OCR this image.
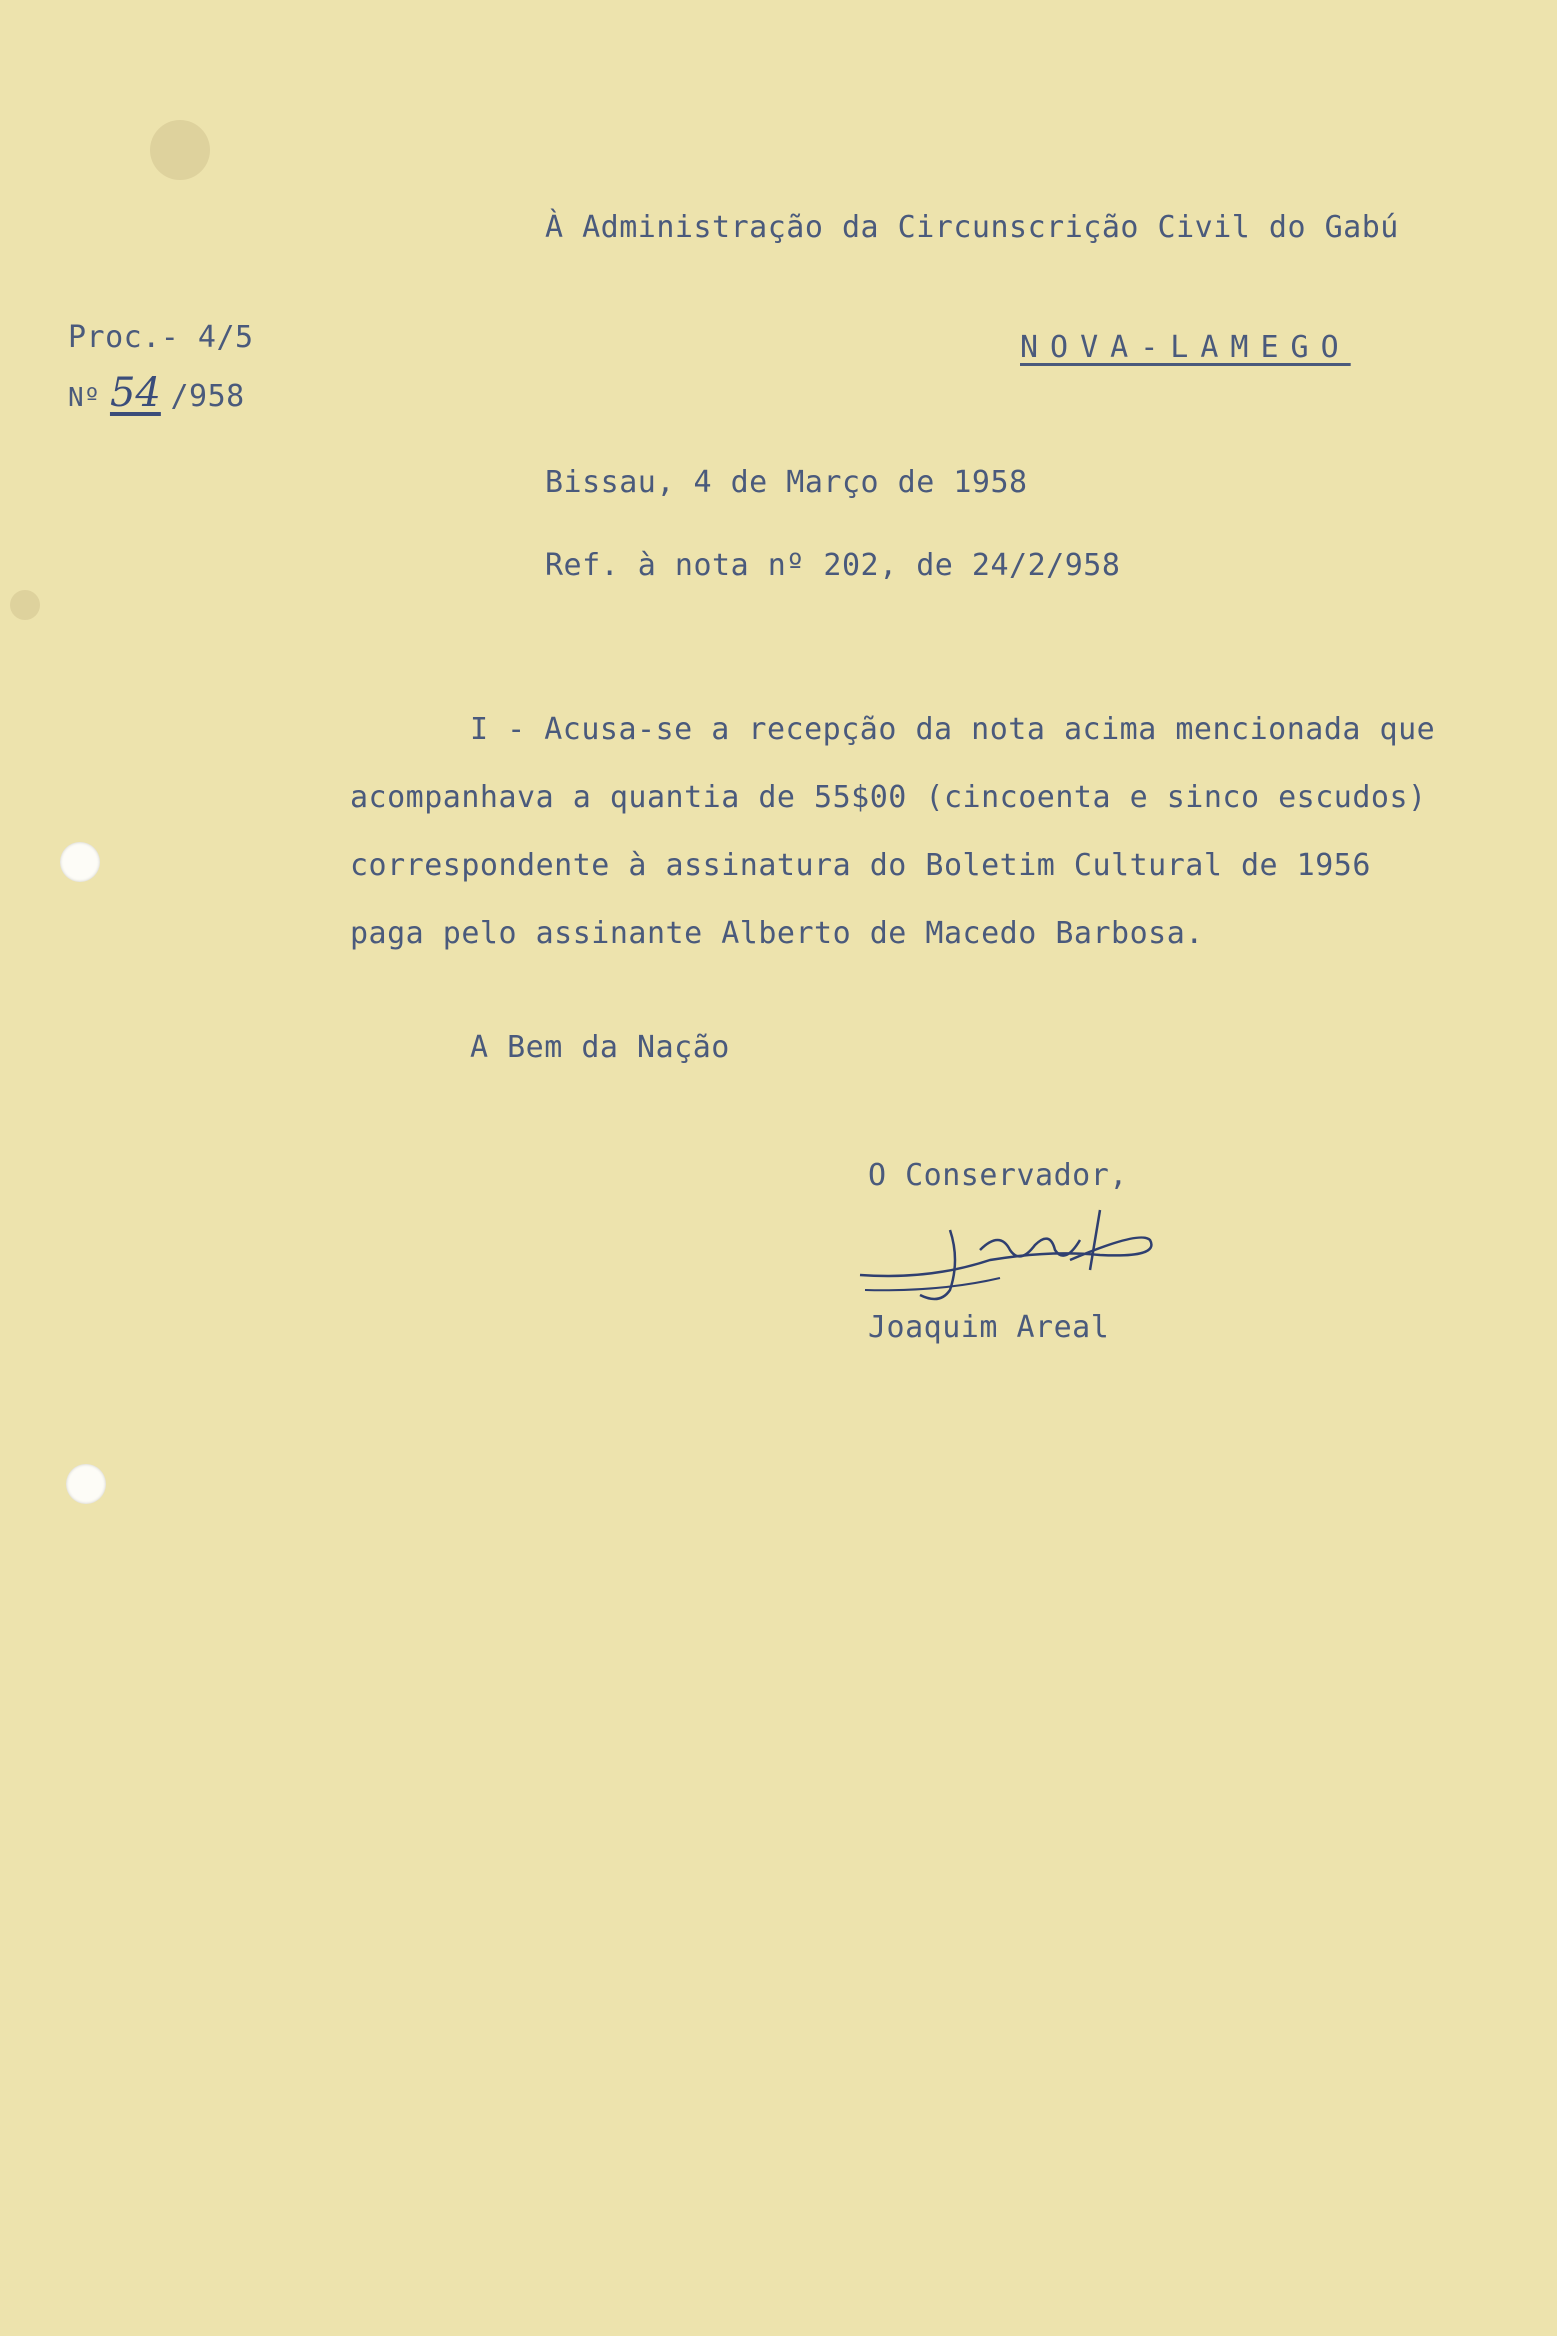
À Administração da Circunscrição Civil do Gabú
NOVA-LAMEGO
Proc.- 4/5
Nº 54 /958
Bissau, 4 de Março de 1958
Ref. à nota nº 202, de 24/2/958
I - Acusa-se a recepção da nota acima mencionada que
acompanhava a quantia de 55$00 (cincoenta e sinco escudos)
correspondente à assinatura do Boletim Cultural de 1956
paga pelo assinante Alberto de Macedo Barbosa.
A Bem da Nação
O Conservador,
Joaquim Areal
